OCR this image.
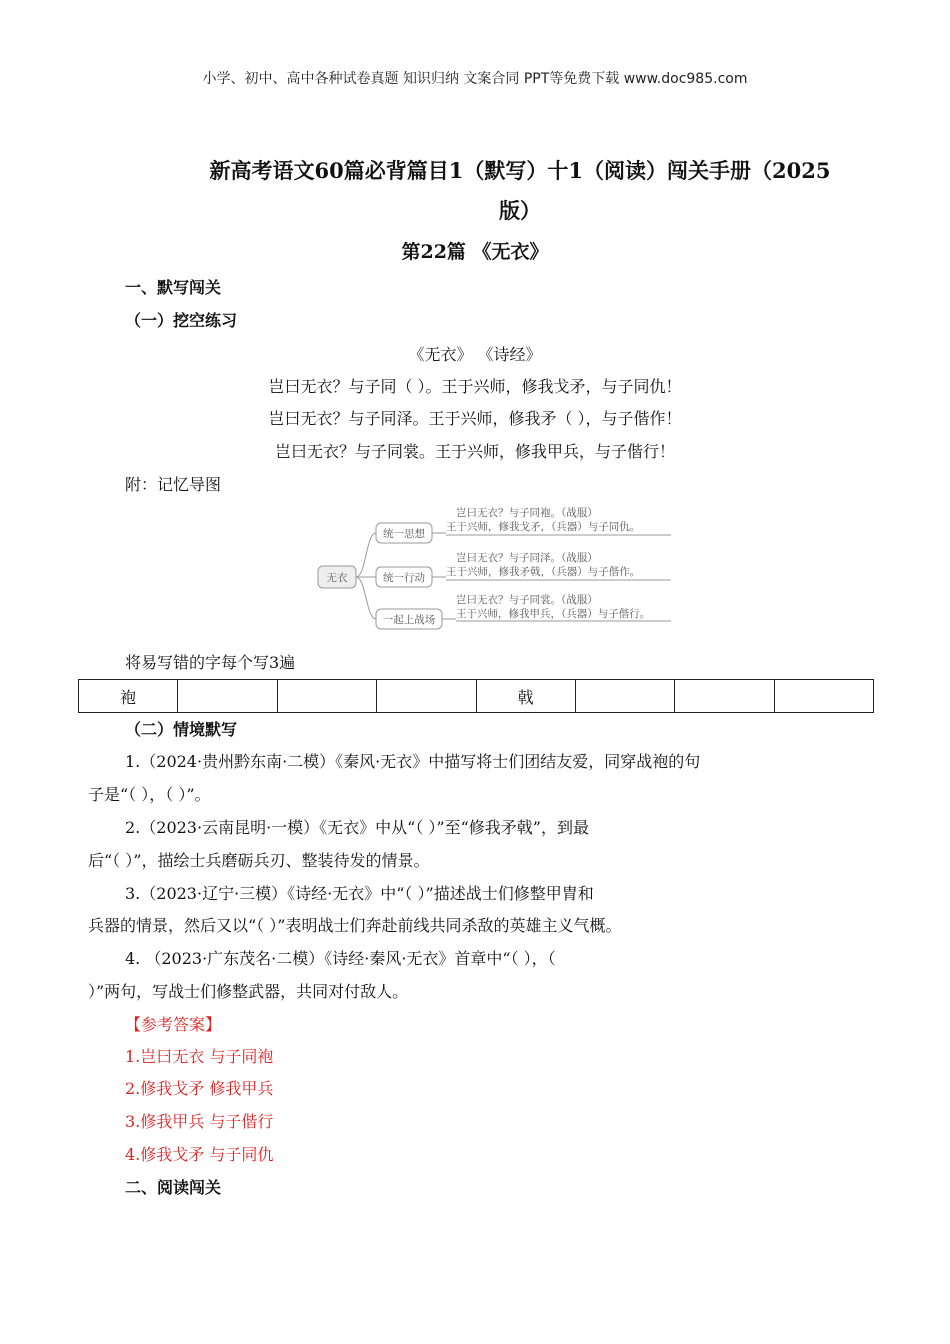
小学、初中、高中各种试卷真题 知识归纳 文案合同 PPT等免费下载 www.doc985.com
新高考语文60篇必背篇目1（默写）十1（阅读）闯关手册（2025
版）
第22篇 《无衣》
一、默写闯关
（一）挖空练习
《无衣》 《诗经》
岂曰无衣？与子同（ ）。王于兴师，修我戈矛，与子同仇！
岂曰无衣？与子同泽。王于兴师，修我矛（ ），与子偕作！
岂曰无衣？与子同裳。王于兴师，修我甲兵，与子偕行！
附：记忆导图
无衣
统一思想
岂曰无衣？与子同袍。（战服）
王于兴师，修我戈矛，（兵器）与子同仇。
统一行动
岂曰无衣？与子同泽。（战服）
王于兴师，修我矛戟，（兵器）与子偕作。
一起上战场
岂曰无衣？与子同裳。（战服）
王于兴师，修我甲兵，（兵器）与子偕行。
将易写错的字每个写3遍
袍				戟			
（二）情境默写
1.（2024·贵州黔东南·二模）《秦风·无衣》中描写将士们团结友爱，同穿战袍的句
子是“（ ），（ ）”。
2.（2023·云南昆明·一模）《无衣》中从“（ ）”至“修我矛戟”，到最
后“（ ）”，描绘士兵磨砺兵刃、整装待发的情景。
3.（2023·辽宁·三模）《诗经·无衣》中“（ ）”描述战士们修整甲胄和
兵器的情景，然后又以“（ ）”表明战士们奔赴前线共同杀敌的英雄主义气概。
4. （2023·广东茂名·二模）《诗经·秦风·无衣》首章中“（ ），（
）”两句，写战士们修整武器，共同对付敌人。
【参考答案】
1.岂曰无衣 与子同袍
2.修我戈矛 修我甲兵
3.修我甲兵 与子偕行
4.修我戈矛 与子同仇
二、阅读闯关
